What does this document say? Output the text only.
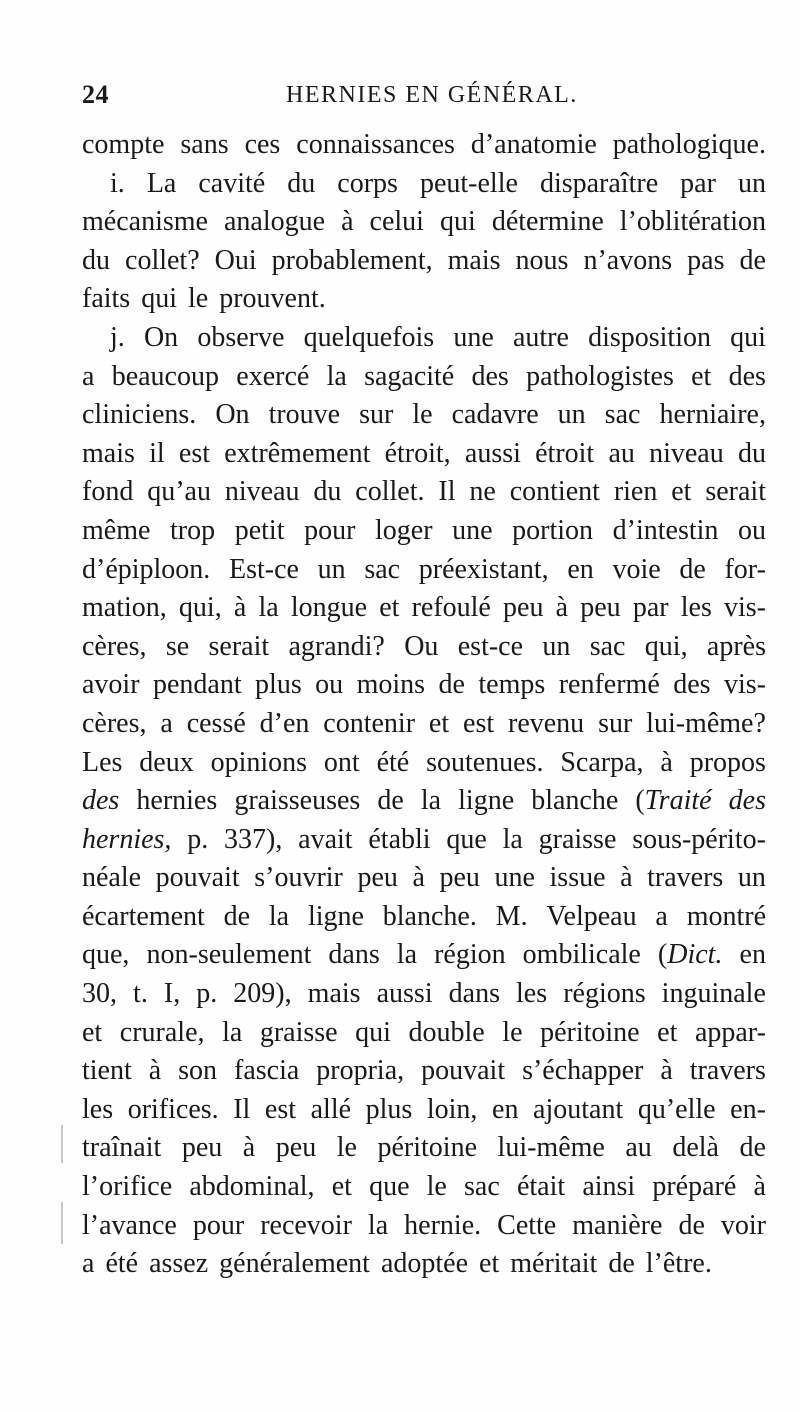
24	HERNIES EN GÉNÉRAL.
compte sans ces connaissances d’anatomie pathologique.
i. La cavité du corps peut-elle disparaître par un
mécanisme analogue à celui qui détermine l’oblitération
du collet? Oui probablement, mais nous n’avons pas de
faits qui le prouvent.
j. On observe quelquefois une autre disposition qui
a beaucoup exercé la sagacité des pathologistes et des
cliniciens. On trouve sur le cadavre un sac herniaire,
mais il est extrêmement étroit, aussi étroit au niveau du
fond qu’au niveau du collet. Il ne contient rien et serait
même trop petit pour loger une portion d’intestin ou
d’épiploon. Est-ce un sac préexistant, en voie de for-
mation, qui, à la longue et refoulé peu à peu par les vis-
cères, se serait agrandi? Ou est-ce un sac qui, après
avoir pendant plus ou moins de temps renfermé des vis-
cères, a cessé d’en contenir et est revenu sur lui-même?
Les deux opinions ont été soutenues. Scarpa, à propos
des hernies graisseuses de la ligne blanche (Traité des
hernies, p. 337), avait établi que la graisse sous-périto-
néale pouvait s’ouvrir peu à peu une issue à travers un
écartement de la ligne blanche. M. Velpeau a montré
que, non-seulement dans la région ombilicale (Dict. en
30, t. I, p. 209), mais aussi dans les régions inguinale
et crurale, la graisse qui double le péritoine et appar-
tient à son fascia propria, pouvait s’échapper à travers
les orifices. Il est allé plus loin, en ajoutant qu’elle en-
traînait peu à peu le péritoine lui-même au delà de
l’orifice abdominal, et que le sac était ainsi préparé à
l’avance pour recevoir la hernie. Cette manière de voir
a été assez généralement adoptée et méritait de l’être.
